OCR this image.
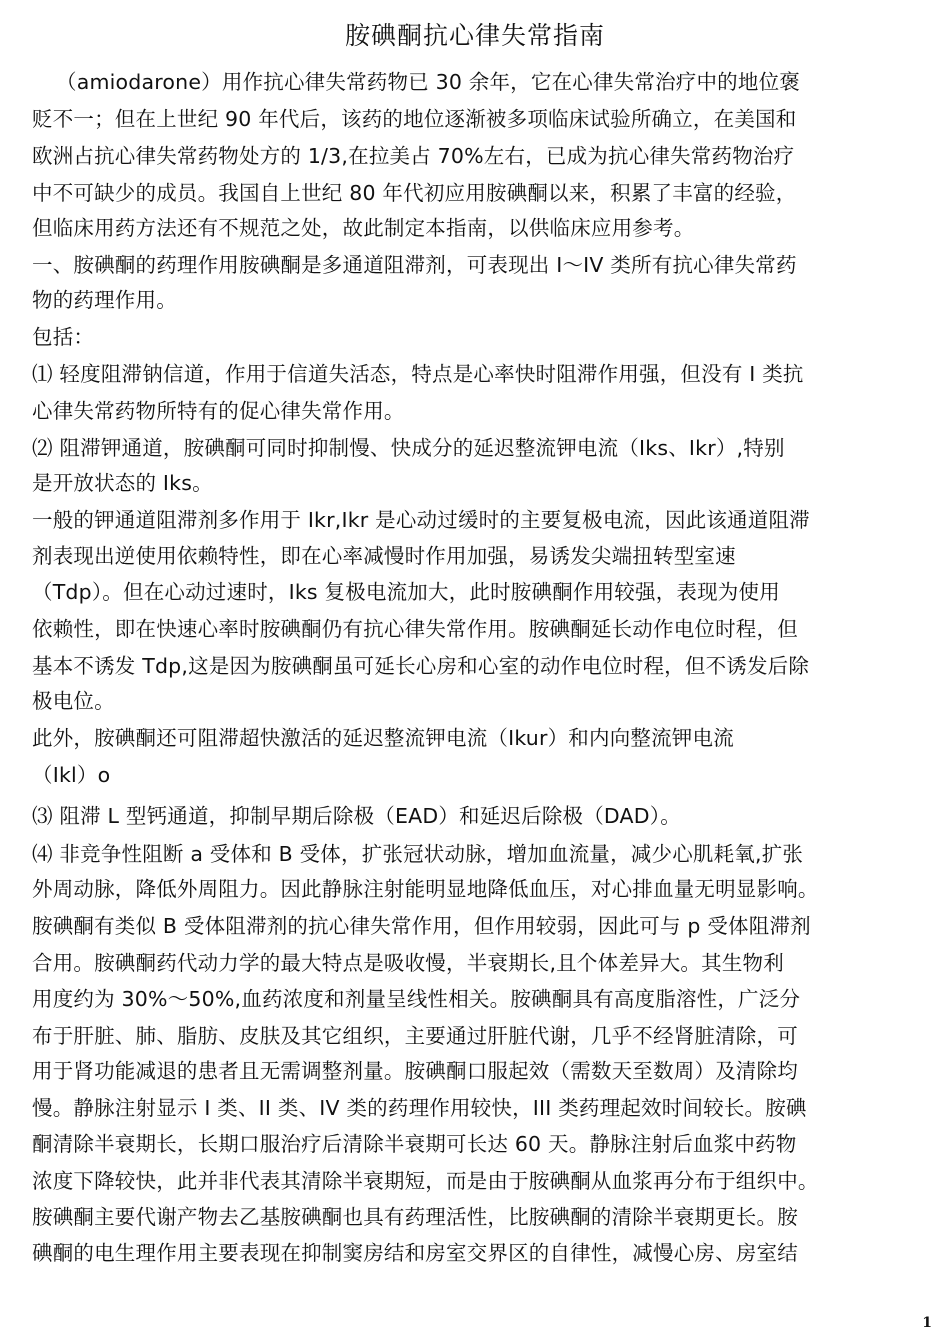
胺碘酮抗心律失常指南
（amiodarone）用作抗心律失常药物已 30 余年，它在心律失常治疗中的地位褒
贬不一；但在上世纪 90 年代后，该药的地位逐渐被多项临床试验所确立，在美国和
欧洲占抗心律失常药物处方的 1/3,在拉美占 70%左右，已成为抗心律失常药物治疗
中不可缺少的成员。我国自上世纪 80 年代初应用胺碘酮以来，积累了丰富的经验，
但临床用药方法还有不规范之处，故此制定本指南，以供临床应用参考。
一、胺碘酮的药理作用胺碘酮是多通道阻滞剂，可表现出 I〜IV 类所有抗心律失常药
物的药理作用。
包括：
⑴ 轻度阻滞钠信道，作用于信道失活态，特点是心率快时阻滞作用强，但没有 I 类抗
心律失常药物所特有的促心律失常作用。
⑵ 阻滞钾通道，胺碘酮可同时抑制慢、快成分的延迟整流钾电流（Iks、Ikr）,特别
是开放状态的 Iks。
一般的钾通道阻滞剂多作用于 Ikr,Ikr 是心动过缓时的主要复极电流，因此该通道阻滞
剂表现出逆使用依赖特性，即在心率减慢时作用加强，易诱发尖端扭转型室速
（Tdp）。但在心动过速时，Iks 复极电流加大，此时胺碘酮作用较强，表现为使用
依赖性，即在快速心率时胺碘酮仍有抗心律失常作用。胺碘酮延长动作电位时程，但
基本不诱发 Tdp,这是因为胺碘酮虽可延长心房和心室的动作电位时程，但不诱发后除
极电位。
此外，胺碘酮还可阻滞超快激活的延迟整流钾电流（Ikur）和内向整流钾电流
（Ikl）o
⑶ 阻滞 L 型钙通道，抑制早期后除极（EAD）和延迟后除极（DAD）。
⑷ 非竞争性阻断 a 受体和 B 受体，扩张冠状动脉，增加血流量，减少心肌耗氧,扩张
外周动脉，降低外周阻力。因此静脉注射能明显地降低血压，对心排血量无明显影响。
胺碘酮有类似 B 受体阻滞剂的抗心律失常作用，但作用较弱，因此可与 p 受体阻滞剂
合用。胺碘酮药代动力学的最大特点是吸收慢，半衰期长,且个体差异大。其生物利
用度约为 30%〜50%,血药浓度和剂量呈线性相关。胺碘酮具有高度脂溶性，广泛分
布于肝脏、肺、脂肪、皮肤及其它组织，主要通过肝脏代谢，几乎不经肾脏清除，可
用于肾功能减退的患者且无需调整剂量。胺碘酮口服起效（需数天至数周）及清除均
慢。静脉注射显示 I 类、II 类、IV 类的药理作用较快，III 类药理起效时间较长。胺碘
酮清除半衰期长，长期口服治疗后清除半衰期可长达 60 天。静脉注射后血浆中药物
浓度下降较快，此并非代表其清除半衰期短，而是由于胺碘酮从血浆再分布于组织中。
胺碘酮主要代谢产物去乙基胺碘酮也具有药理活性，比胺碘酮的清除半衰期更长。胺
碘酮的电生理作用主要表现在抑制窦房结和房室交界区的自律性，减慢心房、房室结
1
